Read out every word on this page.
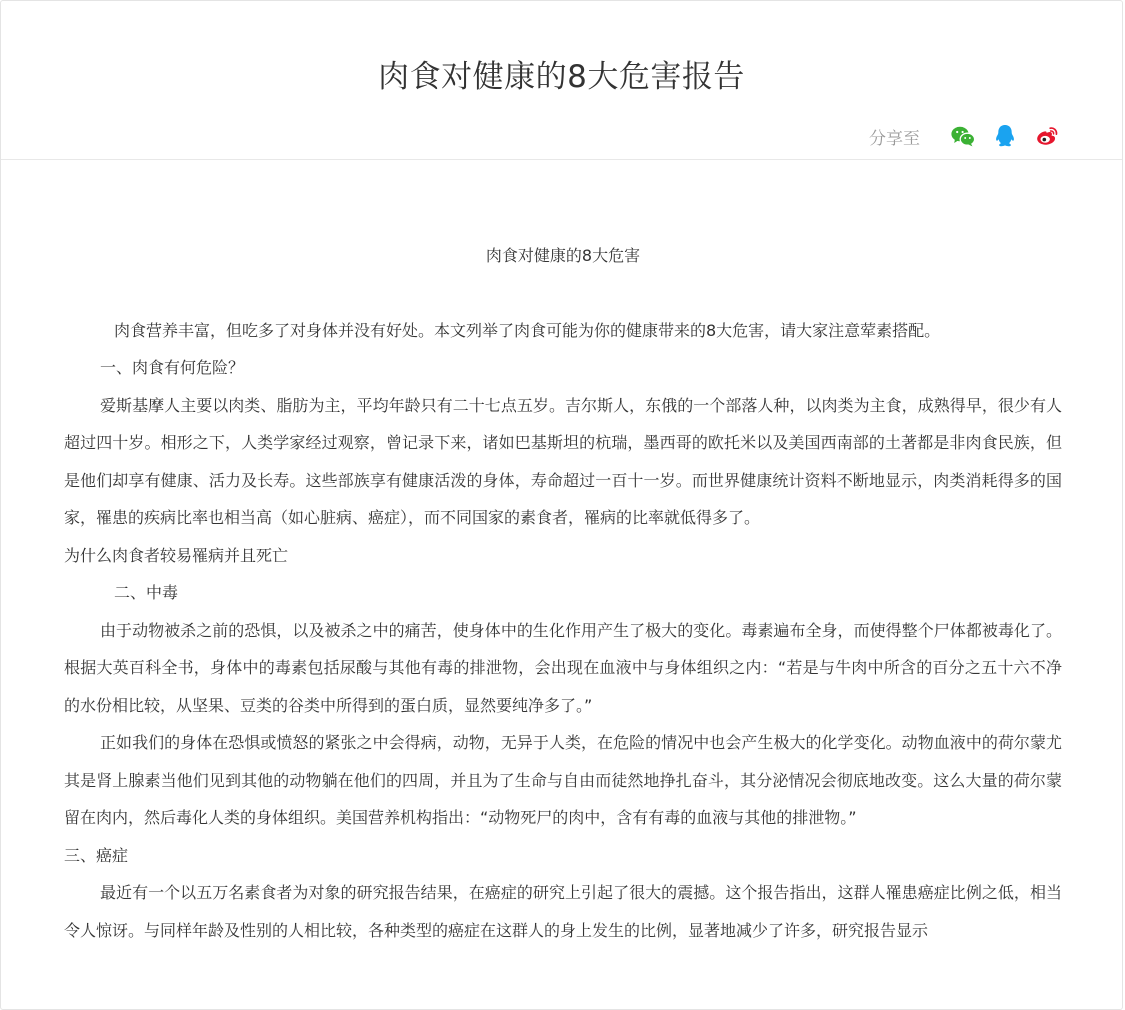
肉食对健康的8大危害报告
分享至

肉食对健康的8大危害

肉食营养丰富，但吃多了对身体并没有好处。本文列举了肉食可能为你的健康带来的8大危害，请大家注意荤素搭配。

一、肉食有何危险？

爱斯基摩人主要以肉类、脂肪为主，平均年龄只有二十七点五岁。吉尔斯人，东俄的一个部落人种，以肉类为主食，成熟得早，很少有人超过四十岁。相形之下，人类学家经过观察，曾记录下来，诸如巴基斯坦的杭瑞，墨西哥的欧托米以及美国西南部的土著都是非肉食民族，但是他们却享有健康、活力及长寿。这些部族享有健康活泼的身体，寿命超过一百十一岁。而世界健康统计资料不断地显示，肉类消耗得多的国家，罹患的疾病比率也相当高（如心脏病、癌症），而不同国家的素食者，罹病的比率就低得多了。

为什么肉食者较易罹病并且死亡

二、中毒

由于动物被杀之前的恐惧，以及被杀之中的痛苦，使身体中的生化作用产生了极大的变化。毒素遍布全身，而使得整个尸体都被毒化了。根据大英百科全书，身体中的毒素包括尿酸与其他有毒的排泄物，会出现在血液中与身体组织之内：“若是与牛肉中所含的百分之五十六不净的水份相比较，从坚果、豆类的谷类中所得到的蛋白质，显然要纯净多了。”

正如我们的身体在恐惧或愤怒的紧张之中会得病，动物，无异于人类，在危险的情况中也会产生极大的化学变化。动物血液中的荷尔蒙尤其是肾上腺素当他们见到其他的动物躺在他们的四周，并且为了生命与自由而徒然地挣扎奋斗，其分泌情况会彻底地改变。这么大量的荷尔蒙留在肉内，然后毒化人类的身体组织。美国营养机构指出：“动物死尸的肉中，含有有毒的血液与其他的排泄物。”

三、癌症

最近有一个以五万名素食者为对象的研究报告结果，在癌症的研究上引起了很大的震撼。这个报告指出，这群人罹患癌症比例之低，相当令人惊讶。与同样年龄及性别的人相比较，各种类型的癌症在这群人的身上发生的比例，显著地减少了许多，研究报告显示
